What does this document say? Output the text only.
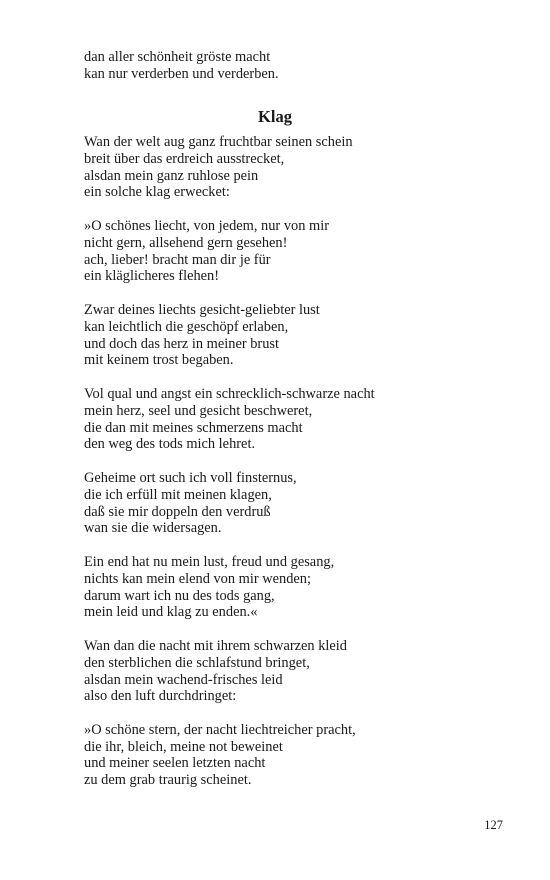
dan aller schönheit gröste macht
kan nur verderben und verderben.
Klag
Wan der welt aug ganz fruchtbar seinen schein
breit über das erdreich ausstrecket,
alsdan mein ganz ruhlose pein
ein solche klag erwecket:
»O schönes liecht, von jedem, nur von mir
nicht gern, allsehend gern gesehen!
ach, lieber! bracht man dir je für
ein kläglicheres flehen!
Zwar deines liechts gesicht-geliebter lust
kan leichtlich die geschöpf erlaben,
und doch das herz in meiner brust
mit keinem trost begaben.
Vol qual und angst ein schrecklich-schwarze nacht
mein herz, seel und gesicht beschweret,
die dan mit meines schmerzens macht
den weg des tods mich lehret.
Geheime ort such ich voll finsternus,
die ich erfüll mit meinen klagen,
daß sie mir doppeln den verdruß
wan sie die widersagen.
Ein end hat nu mein lust, freud und gesang,
nichts kan mein elend von mir wenden;
darum wart ich nu des tods gang,
mein leid und klag zu enden.«
Wan dan die nacht mit ihrem schwarzen kleid
den sterblichen die schlafstund bringet,
alsdan mein wachend-frisches leid
also den luft durchdringet:
»O schöne stern, der nacht liechtreicher pracht,
die ihr, bleich, meine not beweinet
und meiner seelen letzten nacht
zu dem grab traurig scheinet.
127
